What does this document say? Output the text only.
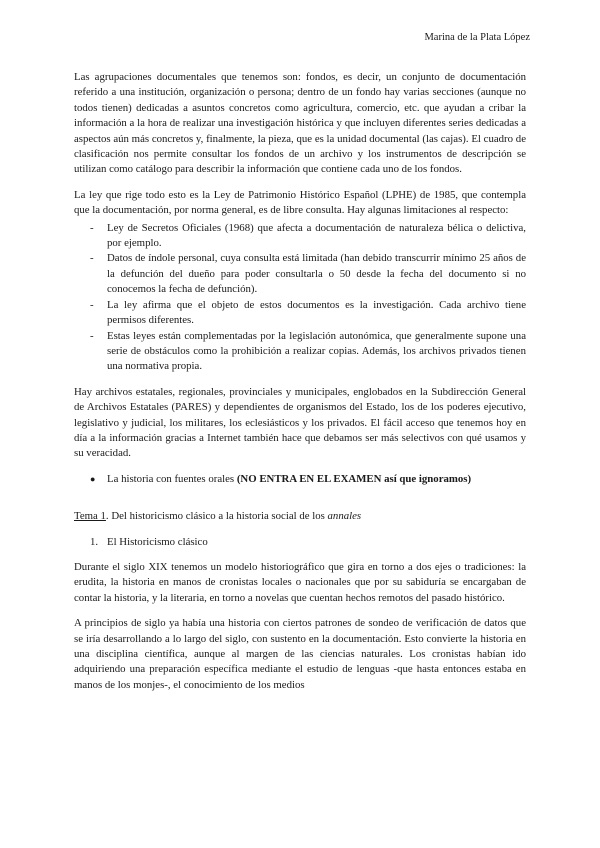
Marina de la Plata López

Las agrupaciones documentales que tenemos son: fondos, es decir, un conjunto de documentación referido a una institución, organización o persona; dentro de un fondo hay varias secciones (aunque no todos tienen) dedicadas a asuntos concretos como agricultura, comercio, etc. que ayudan a cribar la información a la hora de realizar una investigación histórica y que incluyen diferentes series dedicadas a aspectos aún más concretos y, finalmente, la pieza, que es la unidad documental (las cajas). El cuadro de clasificación nos permite consultar los fondos de un archivo y los instrumentos de descripción se utilizan como catálogo para describir la información que contiene cada uno de los fondos.

La ley que rige todo esto es la Ley de Patrimonio Histórico Español (LPHE) de 1985, que contempla que la documentación, por norma general, es de libre consulta. Hay algunas limitaciones al respecto:

- Ley de Secretos Oficiales (1968) que afecta a documentación de naturaleza bélica o delictiva, por ejemplo.
- Datos de índole personal, cuya consulta está limitada (han debido transcurrir mínimo 25 años de la defunción del dueño para poder consultarla o 50 desde la fecha del documento si no conocemos la fecha de defunción).
- La ley afirma que el objeto de estos documentos es la investigación. Cada archivo tiene permisos diferentes.
- Estas leyes están complementadas por la legislación autonómica, que generalmente supone una serie de obstáculos como la prohibición a realizar copias. Además, los archivos privados tienen una normativa propia.

Hay archivos estatales, regionales, provinciales y municipales, englobados en la Subdirección General de Archivos Estatales (PARES) y dependientes de organismos del Estado, los de los poderes ejecutivo, legislativo y judicial, los militares, los eclesiásticos y los privados. El fácil acceso que tenemos hoy en día a la información gracias a Internet también hace que debamos ser más selectivos con qué usamos y su veracidad.

● La historia con fuentes orales (NO ENTRA EN EL EXAMEN así que ignoramos)
Tema 1. Del historicismo clásico a la historia social de los annales
1. El Historicismo clásico

Durante el siglo XIX tenemos un modelo historiográfico que gira en torno a dos ejes o tradiciones: la erudita, la historia en manos de cronistas locales o nacionales que por su sabiduría se encargaban de contar la historia, y la literaria, en torno a novelas que cuentan hechos remotos del pasado histórico.

A principios de siglo ya había una historia con ciertos patrones de sondeo de verificación de datos que se iría desarrollando a lo largo del siglo, con sustento en la documentación. Esto convierte la historia en una disciplina científica, aunque al margen de las ciencias naturales. Los cronistas habían ido adquiriendo una preparación específica mediante el estudio de lenguas -que hasta entonces estaba en manos de los monjes-, el conocimiento de los medios
